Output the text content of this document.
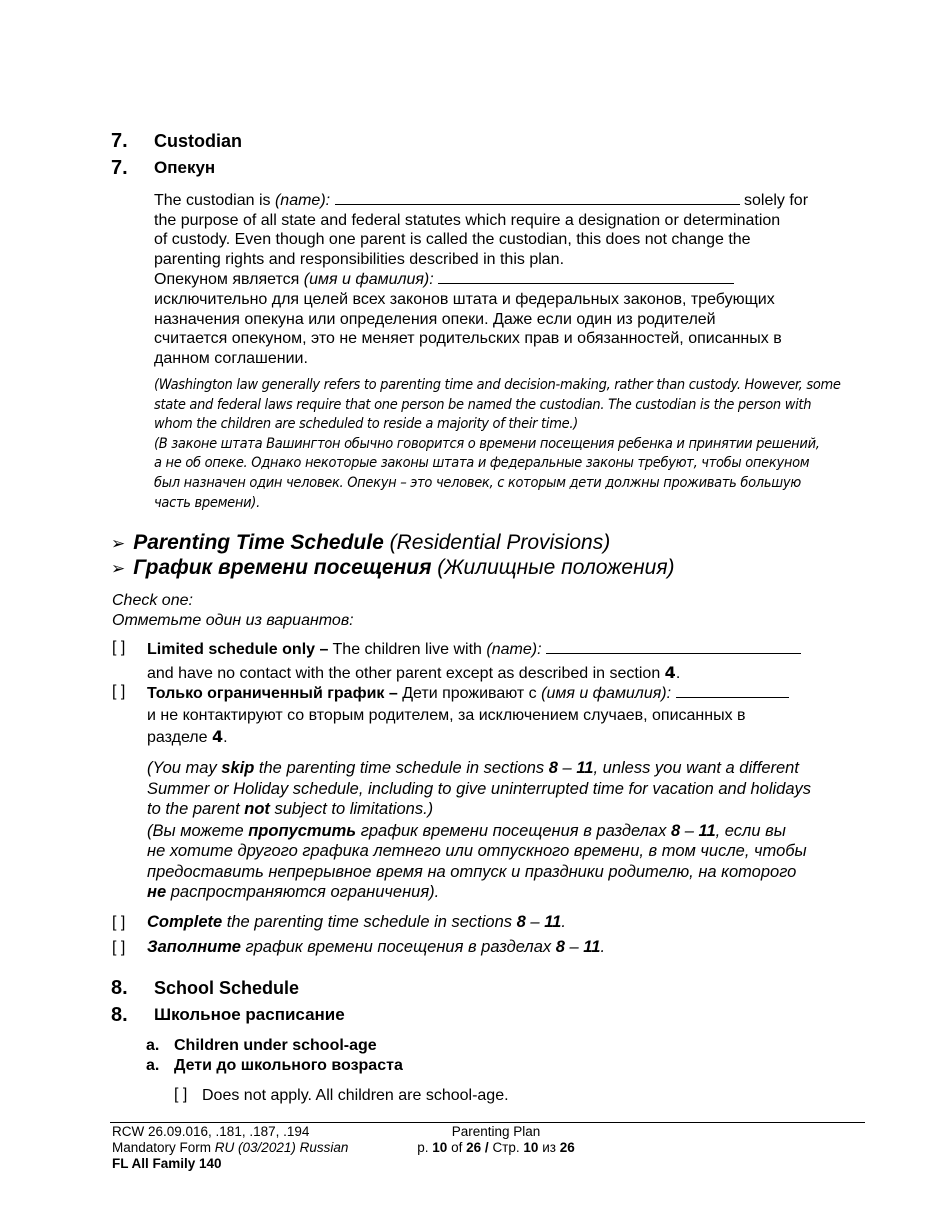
7. Custodian
7. Опекун
The custodian is (name):	solely for
the purpose of all state and federal statutes which require a designation or determination
of custody. Even though one parent is called the custodian, this does not change the
parenting rights and responsibilities described in this plan.
Опекуном является (имя и фамилия):
исключительно для целей всех законов штата и федеральных законов, требующих
назначения опекуна или определения опеки. Даже если один из родителей
считается опекуном, это не меняет родительских прав и обязанностей, описанных в
данном соглашении.
(Washington law generally refers to parenting time and decision-making, rather than custody. However, some
state and federal laws require that one person be named the custodian. The custodian is the person with
whom the children are scheduled to reside a majority of their time.)
(В законе штата Вашингтон обычно говорится о времени посещения ребенка и принятии решений,
а не об опеке. Однако некоторые законы штата и федеральные законы требуют, чтобы опекуном
был назначен один человек. Опекун – это человек, с которым дети должны проживать большую
часть времени).
➢ Parenting Time Schedule (Residential Provisions)
➢ График времени посещения (Жилищные положения)
Check one:
Отметьте один из вариантов:
[ ] Limited schedule only – The children live with (name):
and have no contact with the other parent except as described in section 4.
[ ] Только ограниченный график – Дети проживают с (имя и фамилия):
и не контактируют со вторым родителем, за исключением случаев, описанных в
разделе 4.
(You may skip the parenting time schedule in sections 8 – 11, unless you want a different
Summer or Holiday schedule, including to give uninterrupted time for vacation and holidays
to the parent not subject to limitations.)
(Вы можете пропустить график времени посещения в разделах 8 – 11, если вы
не хотите другого графика летнего или отпускного времени, в том числе, чтобы
предоставить непрерывное время на отпуск и праздники родителю, на которого
не распространяются ограничения).
[ ] Complete the parenting time schedule in sections 8 – 11.
[ ] Заполните график времени посещения в разделах 8 – 11.
8. School Schedule
8. Школьное расписание
a. Children under school-age
a. Дети до школьного возраста
[ ] Does not apply. All children are school-age.
RCW 26.09.016, .181, .187, .194
Mandatory Form RU (03/2021) Russian
FL All Family 140
Parenting Plan
p. 10 of 26 / Стр. 10 из 26
